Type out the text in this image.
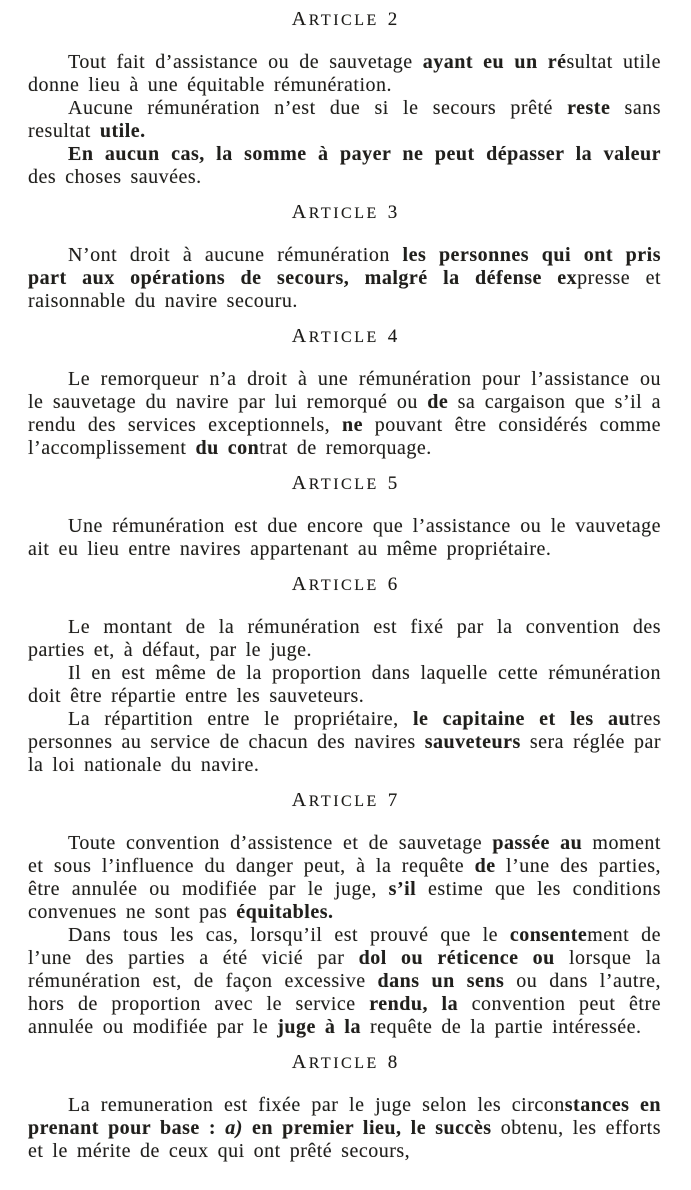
ARTICLE 2

Tout fait d’assistance ou de sauvetage ayant eu un résultat utile donne lieu à une équitable rémunération.

Aucune rémunération n’est due si le secours prêté reste sans resultat utile.

En aucun cas, la somme à payer ne peut dépasser la valeur des choses sauvées.

ARTICLE 3

N’ont droit à aucune rémunération les personnes qui ont pris part aux opérations de secours, malgré la défense expresse et raisonnable du navire secouru.

ARTICLE 4

Le remorqueur n’a droit à une rémunération pour l’assistance ou le sauvetage du navire par lui remorqué ou de sa cargaison que s’il a rendu des services exceptionnels, ne pouvant être considérés comme l’accomplissement du contrat de remorquage.

ARTICLE 5

Une rémunération est due encore que l’assistance ou le vauvetage ait eu lieu entre navires appartenant au même propriétaire.

ARTICLE 6

Le montant de la rémunération est fixé par la convention des parties et, à défaut, par le juge.

Il en est même de la proportion dans laquelle cette rémunération doit être répartie entre les sauveteurs.

La répartition entre le propriétaire, le capitaine et les autres personnes au service de chacun des navires sauveteurs sera réglée par la loi nationale du navire.

ARTICLE 7

Toute convention d’assistence et de sauvetage passée au moment et sous l’influence du danger peut, à la requête de l’une des parties, être annulée ou modifiée par le juge, s’il estime que les conditions convenues ne sont pas équitables.

Dans tous les cas, lorsqu’il est prouvé que le consentement de l’une des parties a été vicié par dol ou réticence ou lorsque la rémunération est, de façon excessive dans un sens ou dans l’autre, hors de proportion avec le service rendu, la convention peut être annulée ou modifiée par le juge à la requête de la partie intéressée.

ARTICLE 8

La remuneration est fixée par le juge selon les circonstances en prenant pour base : a) en premier lieu, le succès obtenu, les efforts et le mérite de ceux qui ont prêté secours,
